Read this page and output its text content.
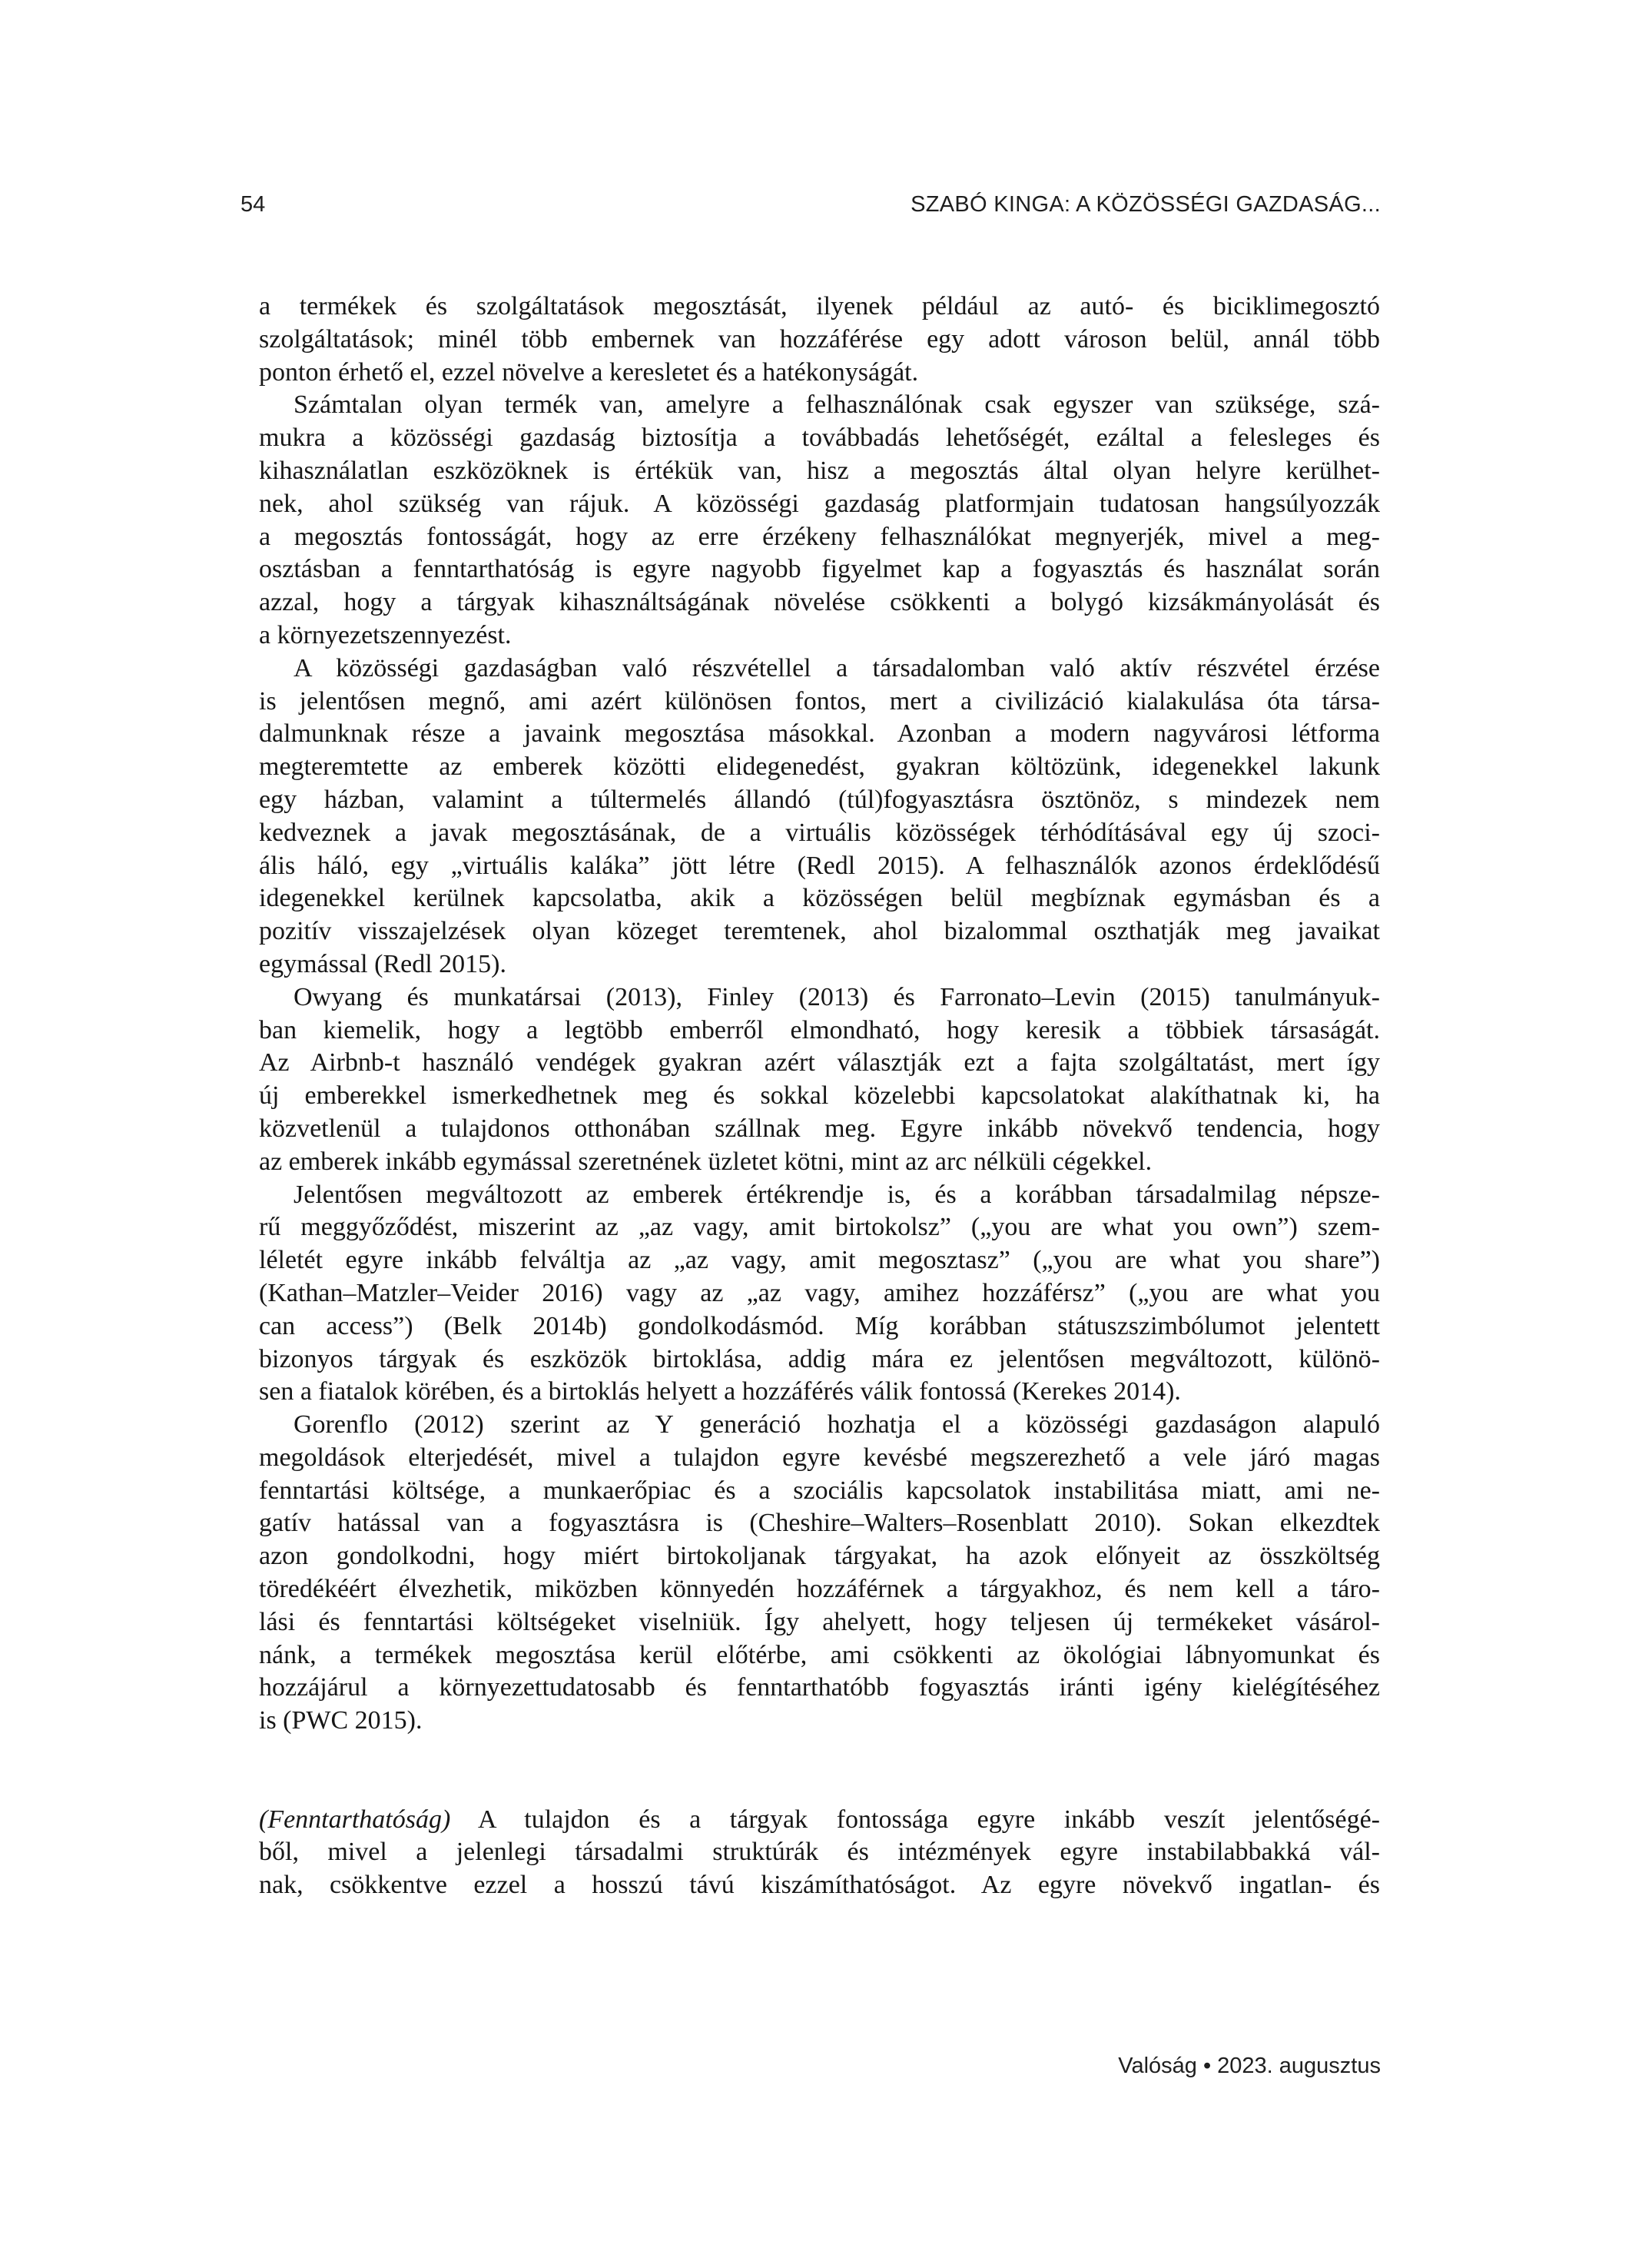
54	SZABÓ KINGA: A KÖZÖSSÉGI GAZDASÁG...
a termékek és szolgáltatások megosztását, ilyenek például az autó- és biciklimegosztó
szolgáltatások; minél több embernek van hozzáférése egy adott városon belül, annál több
ponton érhető el, ezzel növelve a keresletet és a hatékonyságát.
Számtalan olyan termék van, amelyre a felhasználónak csak egyszer van szüksége, szá-
mukra a közösségi gazdaság biztosítja a továbbadás lehetőségét, ezáltal a felesleges és
kihasználatlan eszközöknek is értékük van, hisz a megosztás által olyan helyre kerülhet-
nek, ahol szükség van rájuk. A közösségi gazdaság platformjain tudatosan hangsúlyozzák
a megosztás fontosságát, hogy az erre érzékeny felhasználókat megnyerjék, mivel a meg-
osztásban a fenntarthatóság is egyre nagyobb figyelmet kap a fogyasztás és használat során
azzal, hogy a tárgyak kihasználtságának növelése csökkenti a bolygó kizsákmányolását és
a környezetszennyezést.
A közösségi gazdaságban való részvétellel a társadalomban való aktív részvétel érzése
is jelentősen megnő, ami azért különösen fontos, mert a civilizáció kialakulása óta társa-
dalmunknak része a javaink megosztása másokkal. Azonban a modern nagyvárosi létforma
megteremtette az emberek közötti elidegenedést, gyakran költözünk, idegenekkel lakunk
egy házban, valamint a túltermelés állandó (túl)fogyasztásra ösztönöz, s mindezek nem
kedveznek a javak megosztásának, de a virtuális közösségek térhódításával egy új szoci-
ális háló, egy „virtuális kaláka” jött létre (Redl 2015). A felhasználók azonos érdeklődésű
idegenekkel kerülnek kapcsolatba, akik a közösségen belül megbíznak egymásban és a
pozitív visszajelzések olyan közeget teremtenek, ahol bizalommal oszthatják meg javaikat
egymással (Redl 2015).
Owyang és munkatársai (2013), Finley (2013) és Farronato–Levin (2015) tanulmányuk-
ban kiemelik, hogy a legtöbb emberről elmondható, hogy keresik a többiek társaságát.
Az Airbnb-t használó vendégek gyakran azért választják ezt a fajta szolgáltatást, mert így
új emberekkel ismerkedhetnek meg és sokkal közelebbi kapcsolatokat alakíthatnak ki, ha
közvetlenül a tulajdonos otthonában szállnak meg. Egyre inkább növekvő tendencia, hogy
az emberek inkább egymással szeretnének üzletet kötni, mint az arc nélküli cégekkel.
Jelentősen megváltozott az emberek értékrendje is, és a korábban társadalmilag népsze-
rű meggyőződést, miszerint az „az vagy, amit birtokolsz” („you are what you own”) szem-
léletét egyre inkább felváltja az „az vagy, amit megosztasz” („you are what you share”)
(Kathan–Matzler–Veider 2016) vagy az „az vagy, amihez hozzáférsz” („you are what you
can access”) (Belk 2014b) gondolkodásmód. Míg korábban státuszszimbólumot jelentett
bizonyos tárgyak és eszközök birtoklása, addig mára ez jelentősen megváltozott, különö-
sen a fiatalok körében, és a birtoklás helyett a hozzáférés válik fontossá (Kerekes 2014).
Gorenflo (2012) szerint az Y generáció hozhatja el a közösségi gazdaságon alapuló
megoldások elterjedését, mivel a tulajdon egyre kevésbé megszerezhető a vele járó magas
fenntartási költsége, a munkaerőpiac és a szociális kapcsolatok instabilitása miatt, ami ne-
gatív hatással van a fogyasztásra is (Cheshire–Walters–Rosenblatt 2010). Sokan elkezdtek
azon gondolkodni, hogy miért birtokoljanak tárgyakat, ha azok előnyeit az összköltség
töredékéért élvezhetik, miközben könnyedén hozzáférnek a tárgyakhoz, és nem kell a táro-
lási és fenntartási költségeket viselniük. Így ahelyett, hogy teljesen új termékeket vásárol-
nánk, a termékek megosztása kerül előtérbe, ami csökkenti az ökológiai lábnyomunkat és
hozzájárul a környezettudatosabb és fenntarthatóbb fogyasztás iránti igény kielégítéséhez
is (PWC 2015).
(Fenntarthatóság) A tulajdon és a tárgyak fontossága egyre inkább veszít jelentőségé-
ből, mivel a jelenlegi társadalmi struktúrák és intézmények egyre instabilabbakká vál-
nak, csökkentve ezzel a hosszú távú kiszámíthatóságot. Az egyre növekvő ingatlan- és
Valóság • 2023. augusztus
